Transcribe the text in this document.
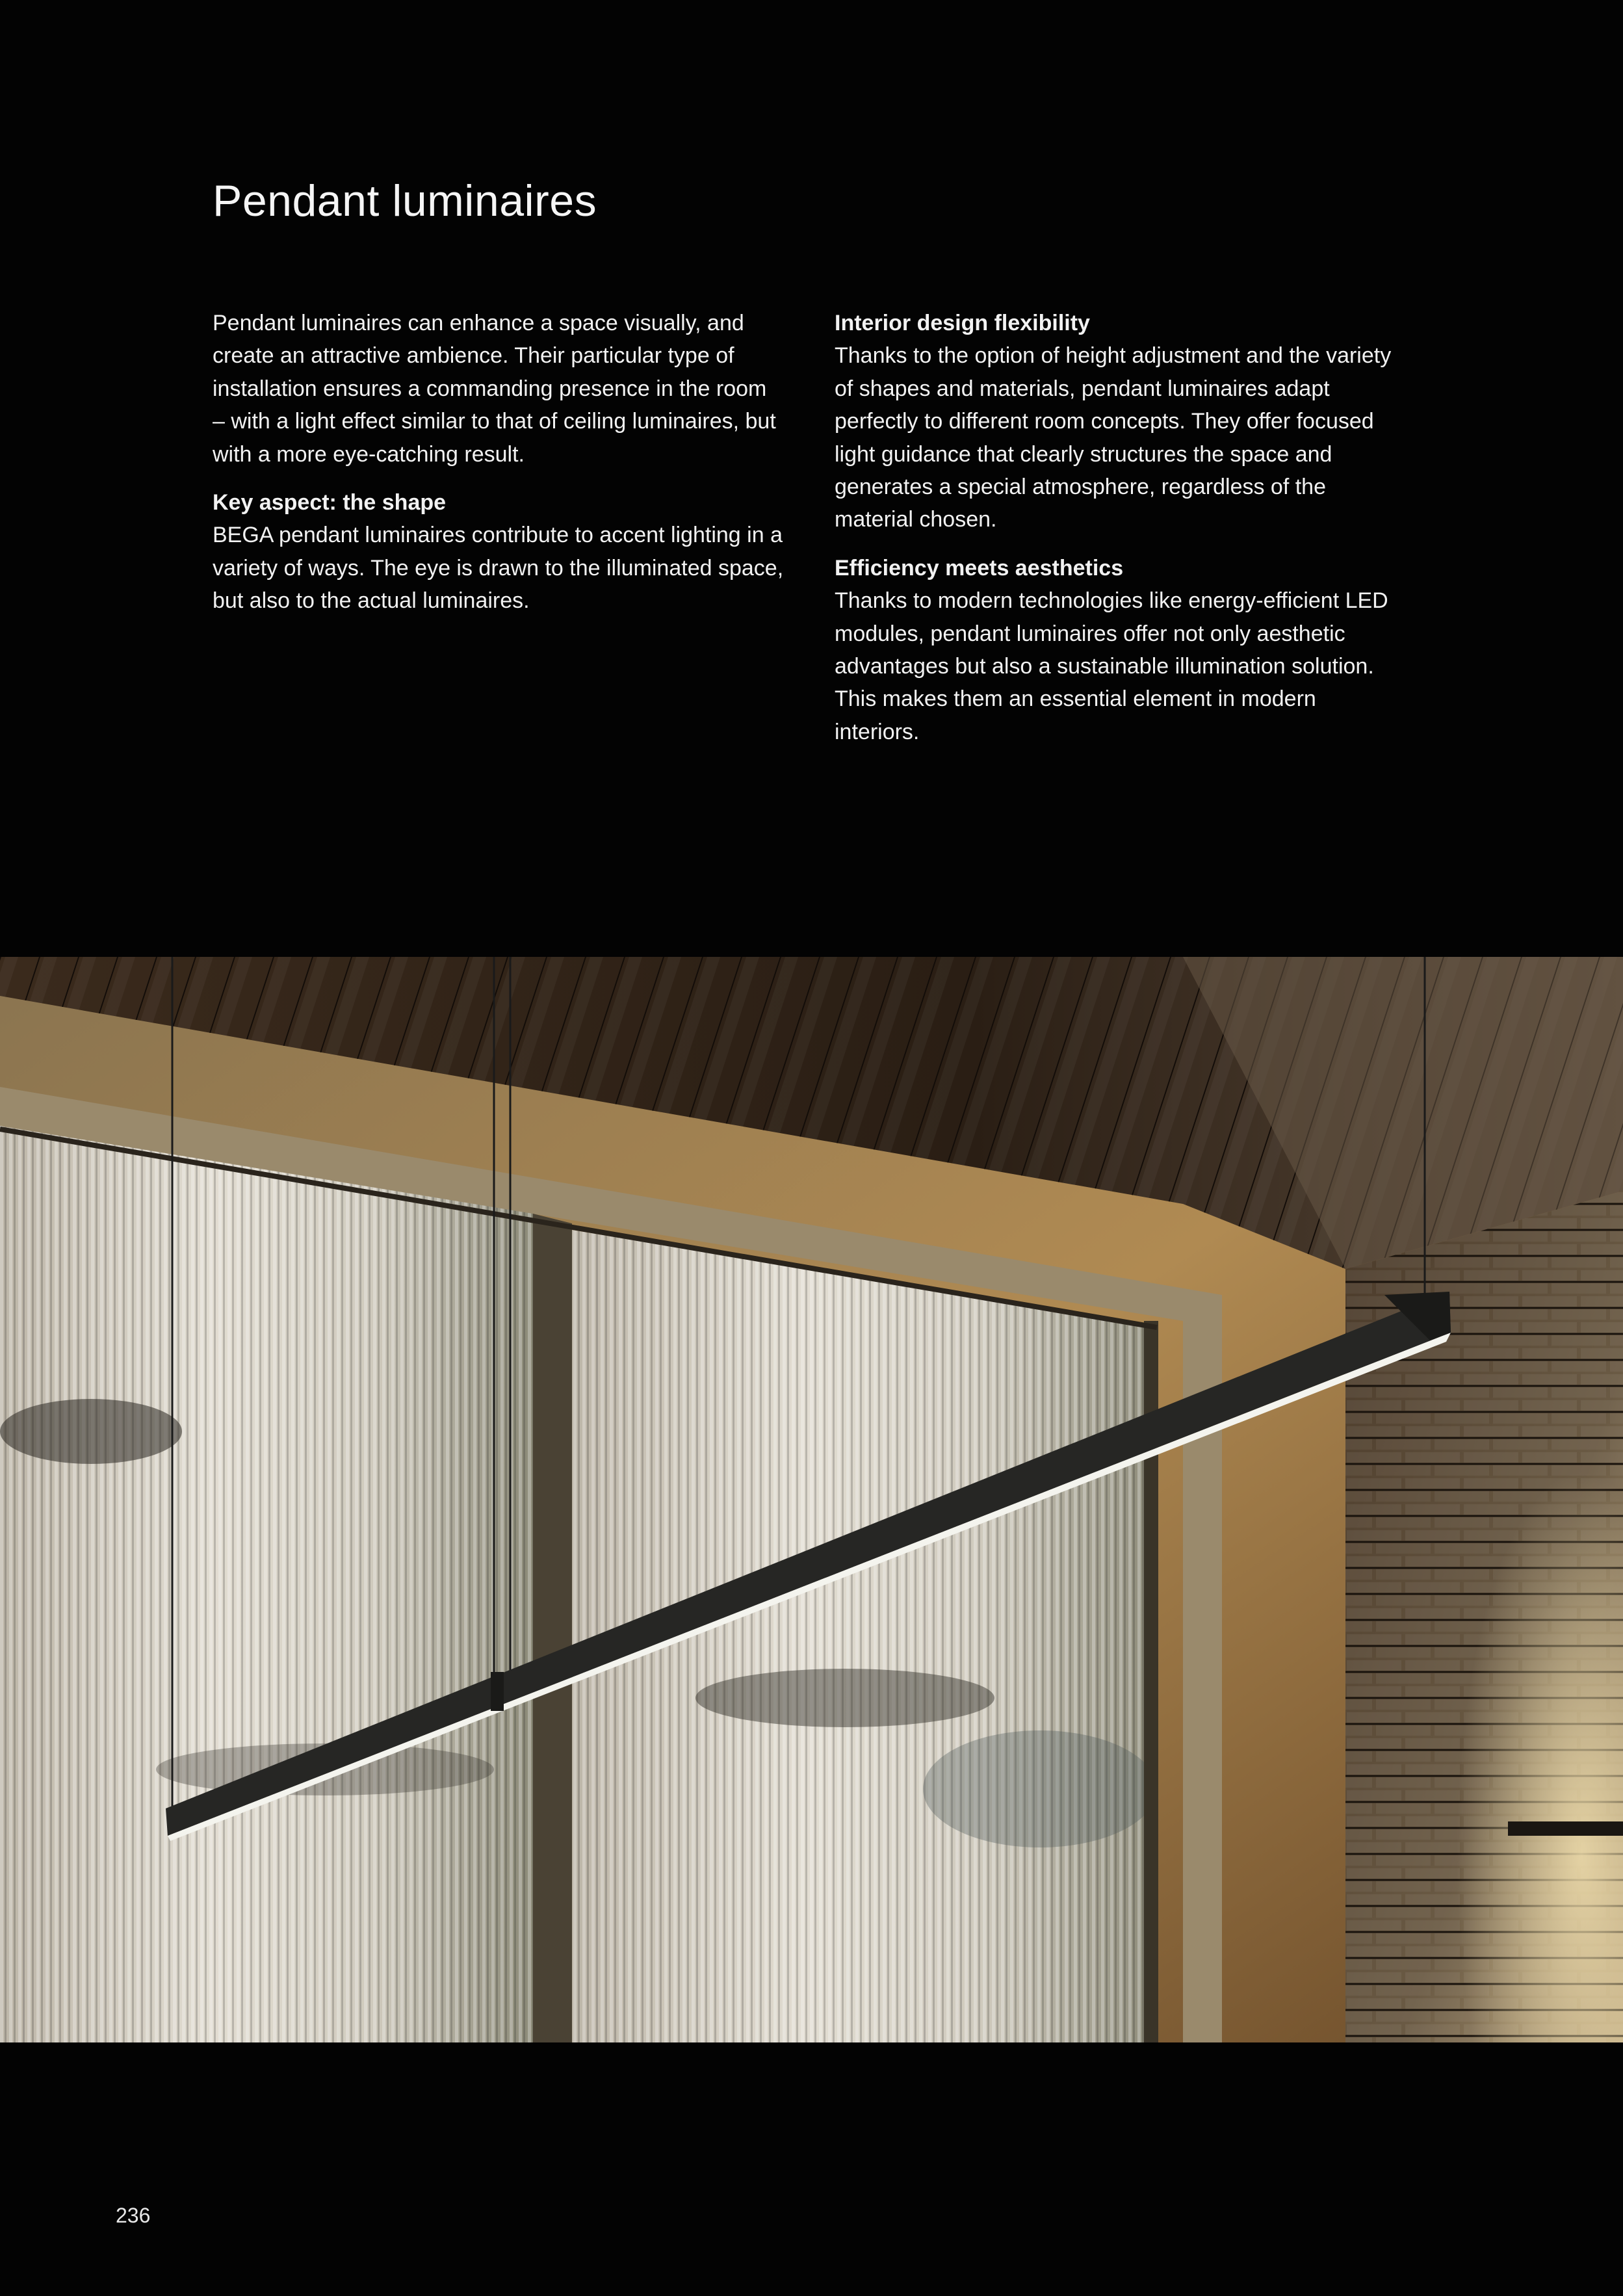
Pendant luminaires

Pendant luminaires can enhance a space visually, and create an attractive ambience. Their particular type of installation ensures a commanding presence in the room – with a light effect similar to that of ceiling luminaires, but with a more eye-catching result.

Key aspect: the shape

BEGA pendant luminaires contribute to accent lighting in a variety of ways. The eye is drawn to the illuminated space, but also to the actual luminaires.

Interior design flexibility

Thanks to the option of height adjustment and the variety of shapes and materials, pendant luminaires adapt perfectly to different room concepts. They offer focused light guidance that clearly structures the space and generates a special atmosphere, regardless of the material chosen.

Efficiency meets aesthetics

Thanks to modern technologies like energy-efficient LED modules, pendant luminaires offer not only aesthetic advantages but also a sustainable illumination solution. This makes them an essential element in modern interiors.

236
